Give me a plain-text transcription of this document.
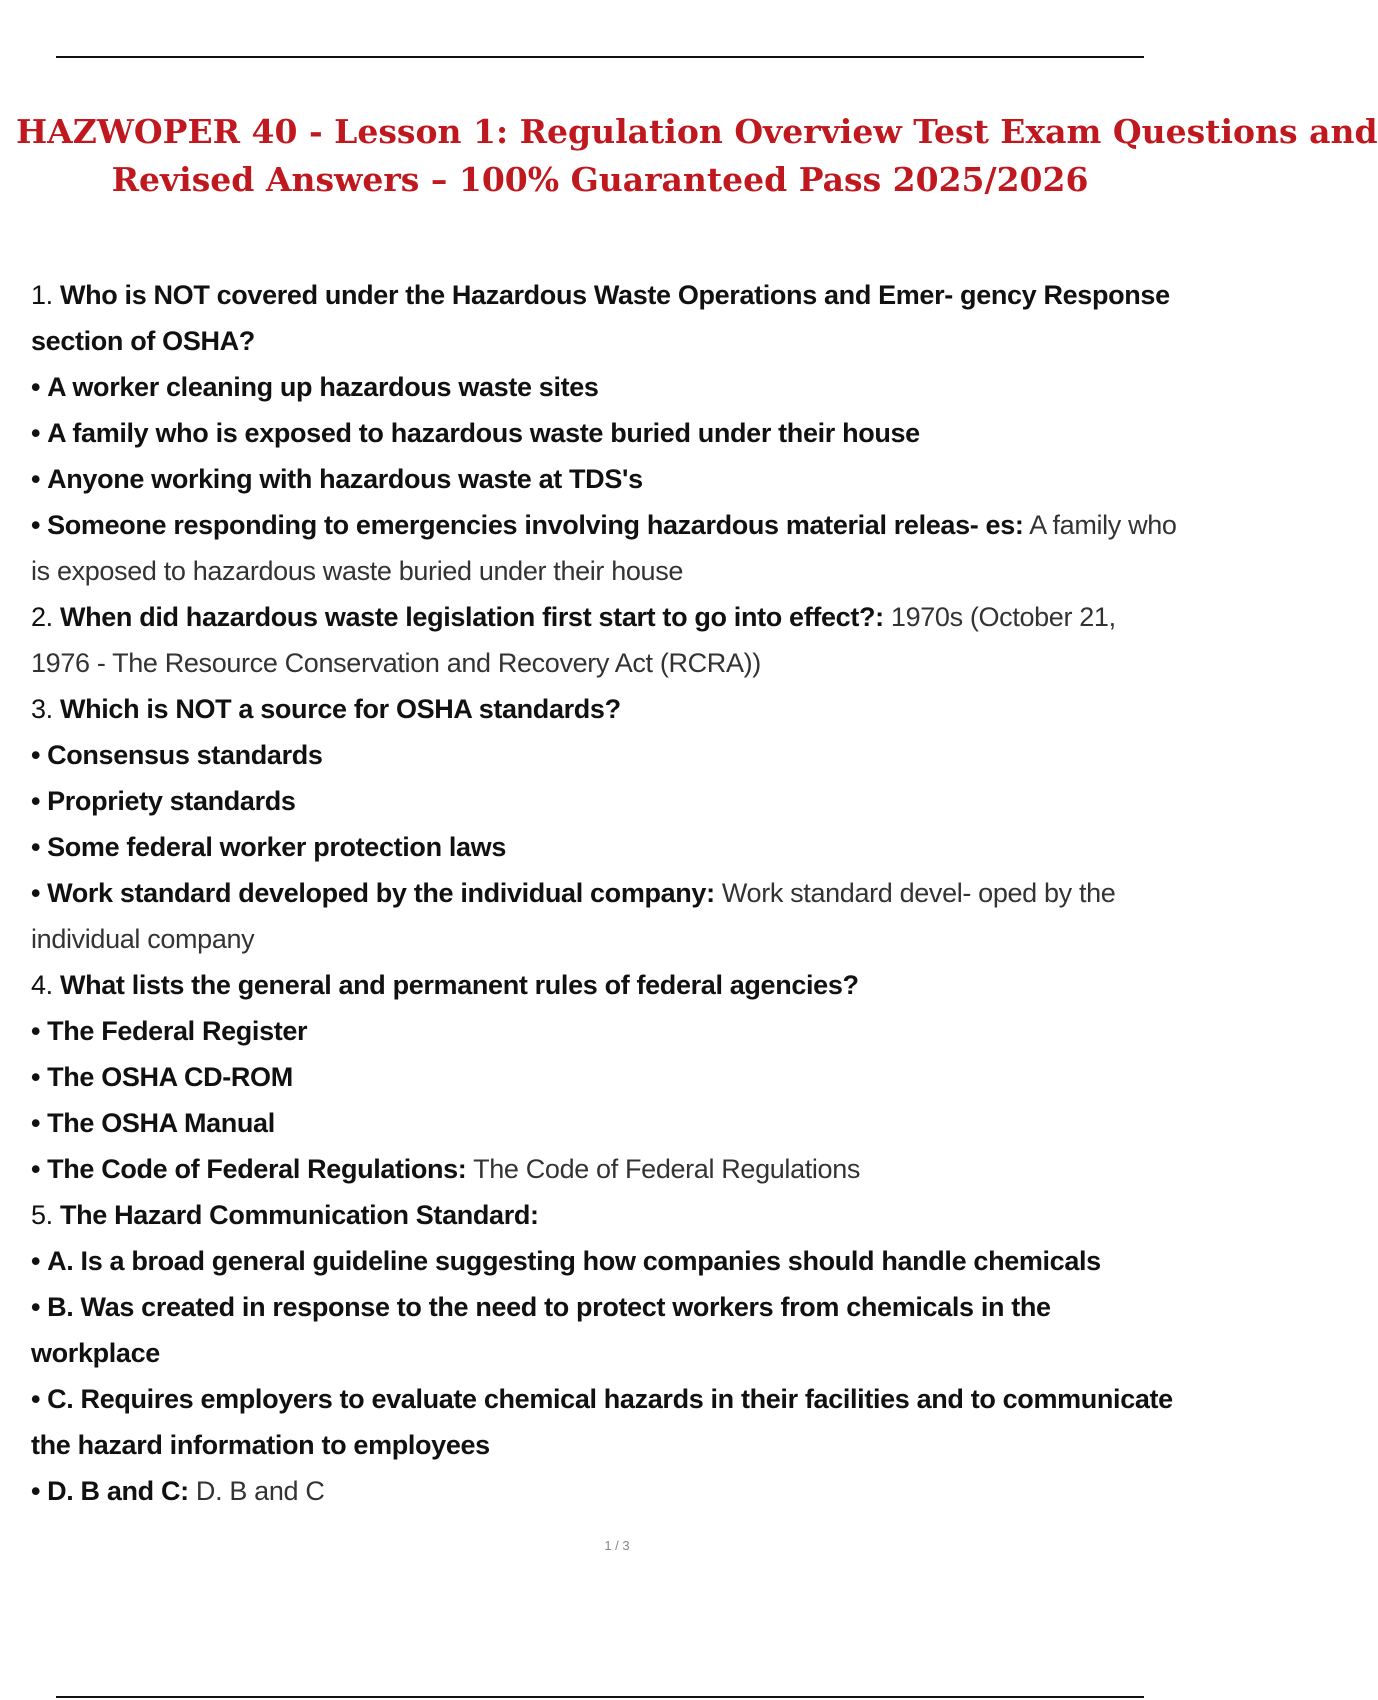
HAZWOPER 40 - Lesson 1: Regulation Overview Test Exam Questions and
Revised Answers – 100% Guaranteed Pass 2025/2026

1. Who is NOT covered under the Hazardous Waste Operations and Emer- gency Response section of OSHA?

• A worker cleaning up hazardous waste sites

• A family who is exposed to hazardous waste buried under their house

• Anyone working with hazardous waste at TDS's

• Someone responding to emergencies involving hazardous material releas- es: A family who is exposed to hazardous waste buried under their house

2. When did hazardous waste legislation first start to go into effect?: 1970s (October 21, 1976 - The Resource Conservation and Recovery Act (RCRA))

3. Which is NOT a source for OSHA standards?

• Consensus standards

• Propriety standards

• Some federal worker protection laws

• Work standard developed by the individual company: Work standard devel- oped by the individual company

4. What lists the general and permanent rules of federal agencies?

• The Federal Register

• The OSHA CD-ROM

• The OSHA Manual

• The Code of Federal Regulations: The Code of Federal Regulations

5. The Hazard Communication Standard:

• A. Is a broad general guideline suggesting how companies should handle chemicals

• B. Was created in response to the need to protect workers from chemicals in the workplace

• C. Requires employers to evaluate chemical hazards in their facilities and to communicate the hazard information to employees

• D. B and C: D. B and C

1 / 3
